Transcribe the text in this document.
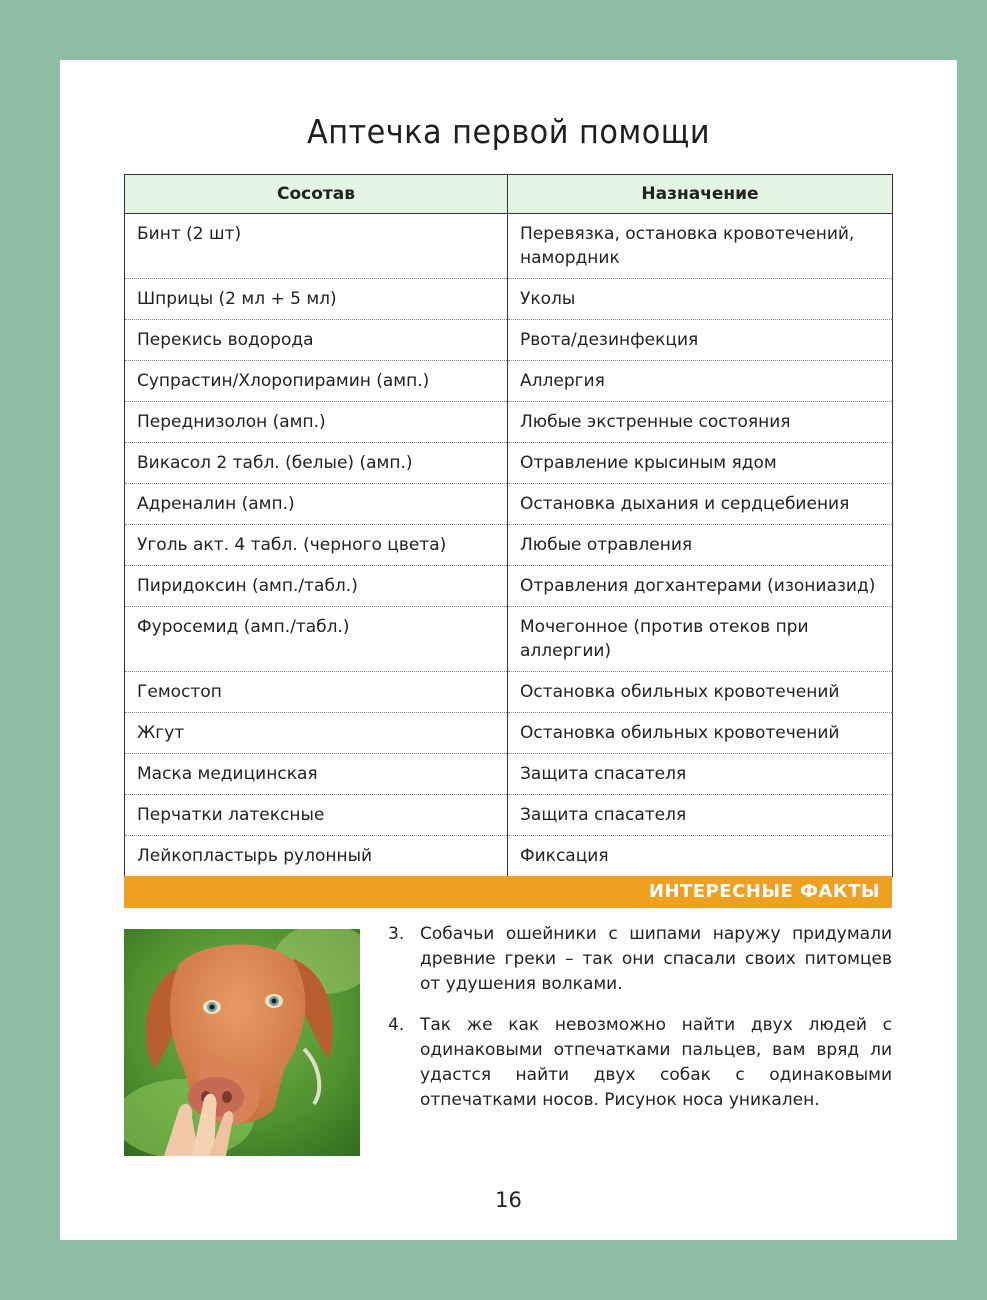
Аптечка первой помощи
Сосотав	Назначение
Бинт (2 шт)	Перевязка, остановка кровотечений, намордник
Шприцы (2 мл + 5 мл)	Уколы
Перекись водорода	Рвота/дезинфекция
Супрастин/Хлоропирамин (амп.)	Аллергия
Переднизолон (амп.)	Любые экстренные состояния
Викасол 2 табл. (белые) (амп.)	Отравление крысиным ядом
Адреналин (амп.)	Остановка дыхания и сердцебиения
Уголь акт. 4 табл. (черного цвета)	Любые отравления
Пиридоксин (амп./табл.)	Отравления догхантерами (изониазид)
Фуросемид (амп./табл.)	Мочегонное (против отеков при аллергии)
Гемостоп	Остановка обильных кровотечений
Жгут	Остановка обильных кровотечений
Маска медицинская	Защита спасателя
Перчатки латексные	Защита спасателя
Лейкопластырь рулонный	Фиксация
ИНТЕРЕСНЫЕ ФАКТЫ
3. Собачьи ошейники с шипами наружу придумали древние греки – так они спасали своих питомцев от удушения волками.
4. Так же как невозможно найти двух людей с одинаковыми отпечатками пальцев, вам вряд ли удастся найти двух собак с одинаковыми отпечатками носов. Рисунок носа уникален.
16
